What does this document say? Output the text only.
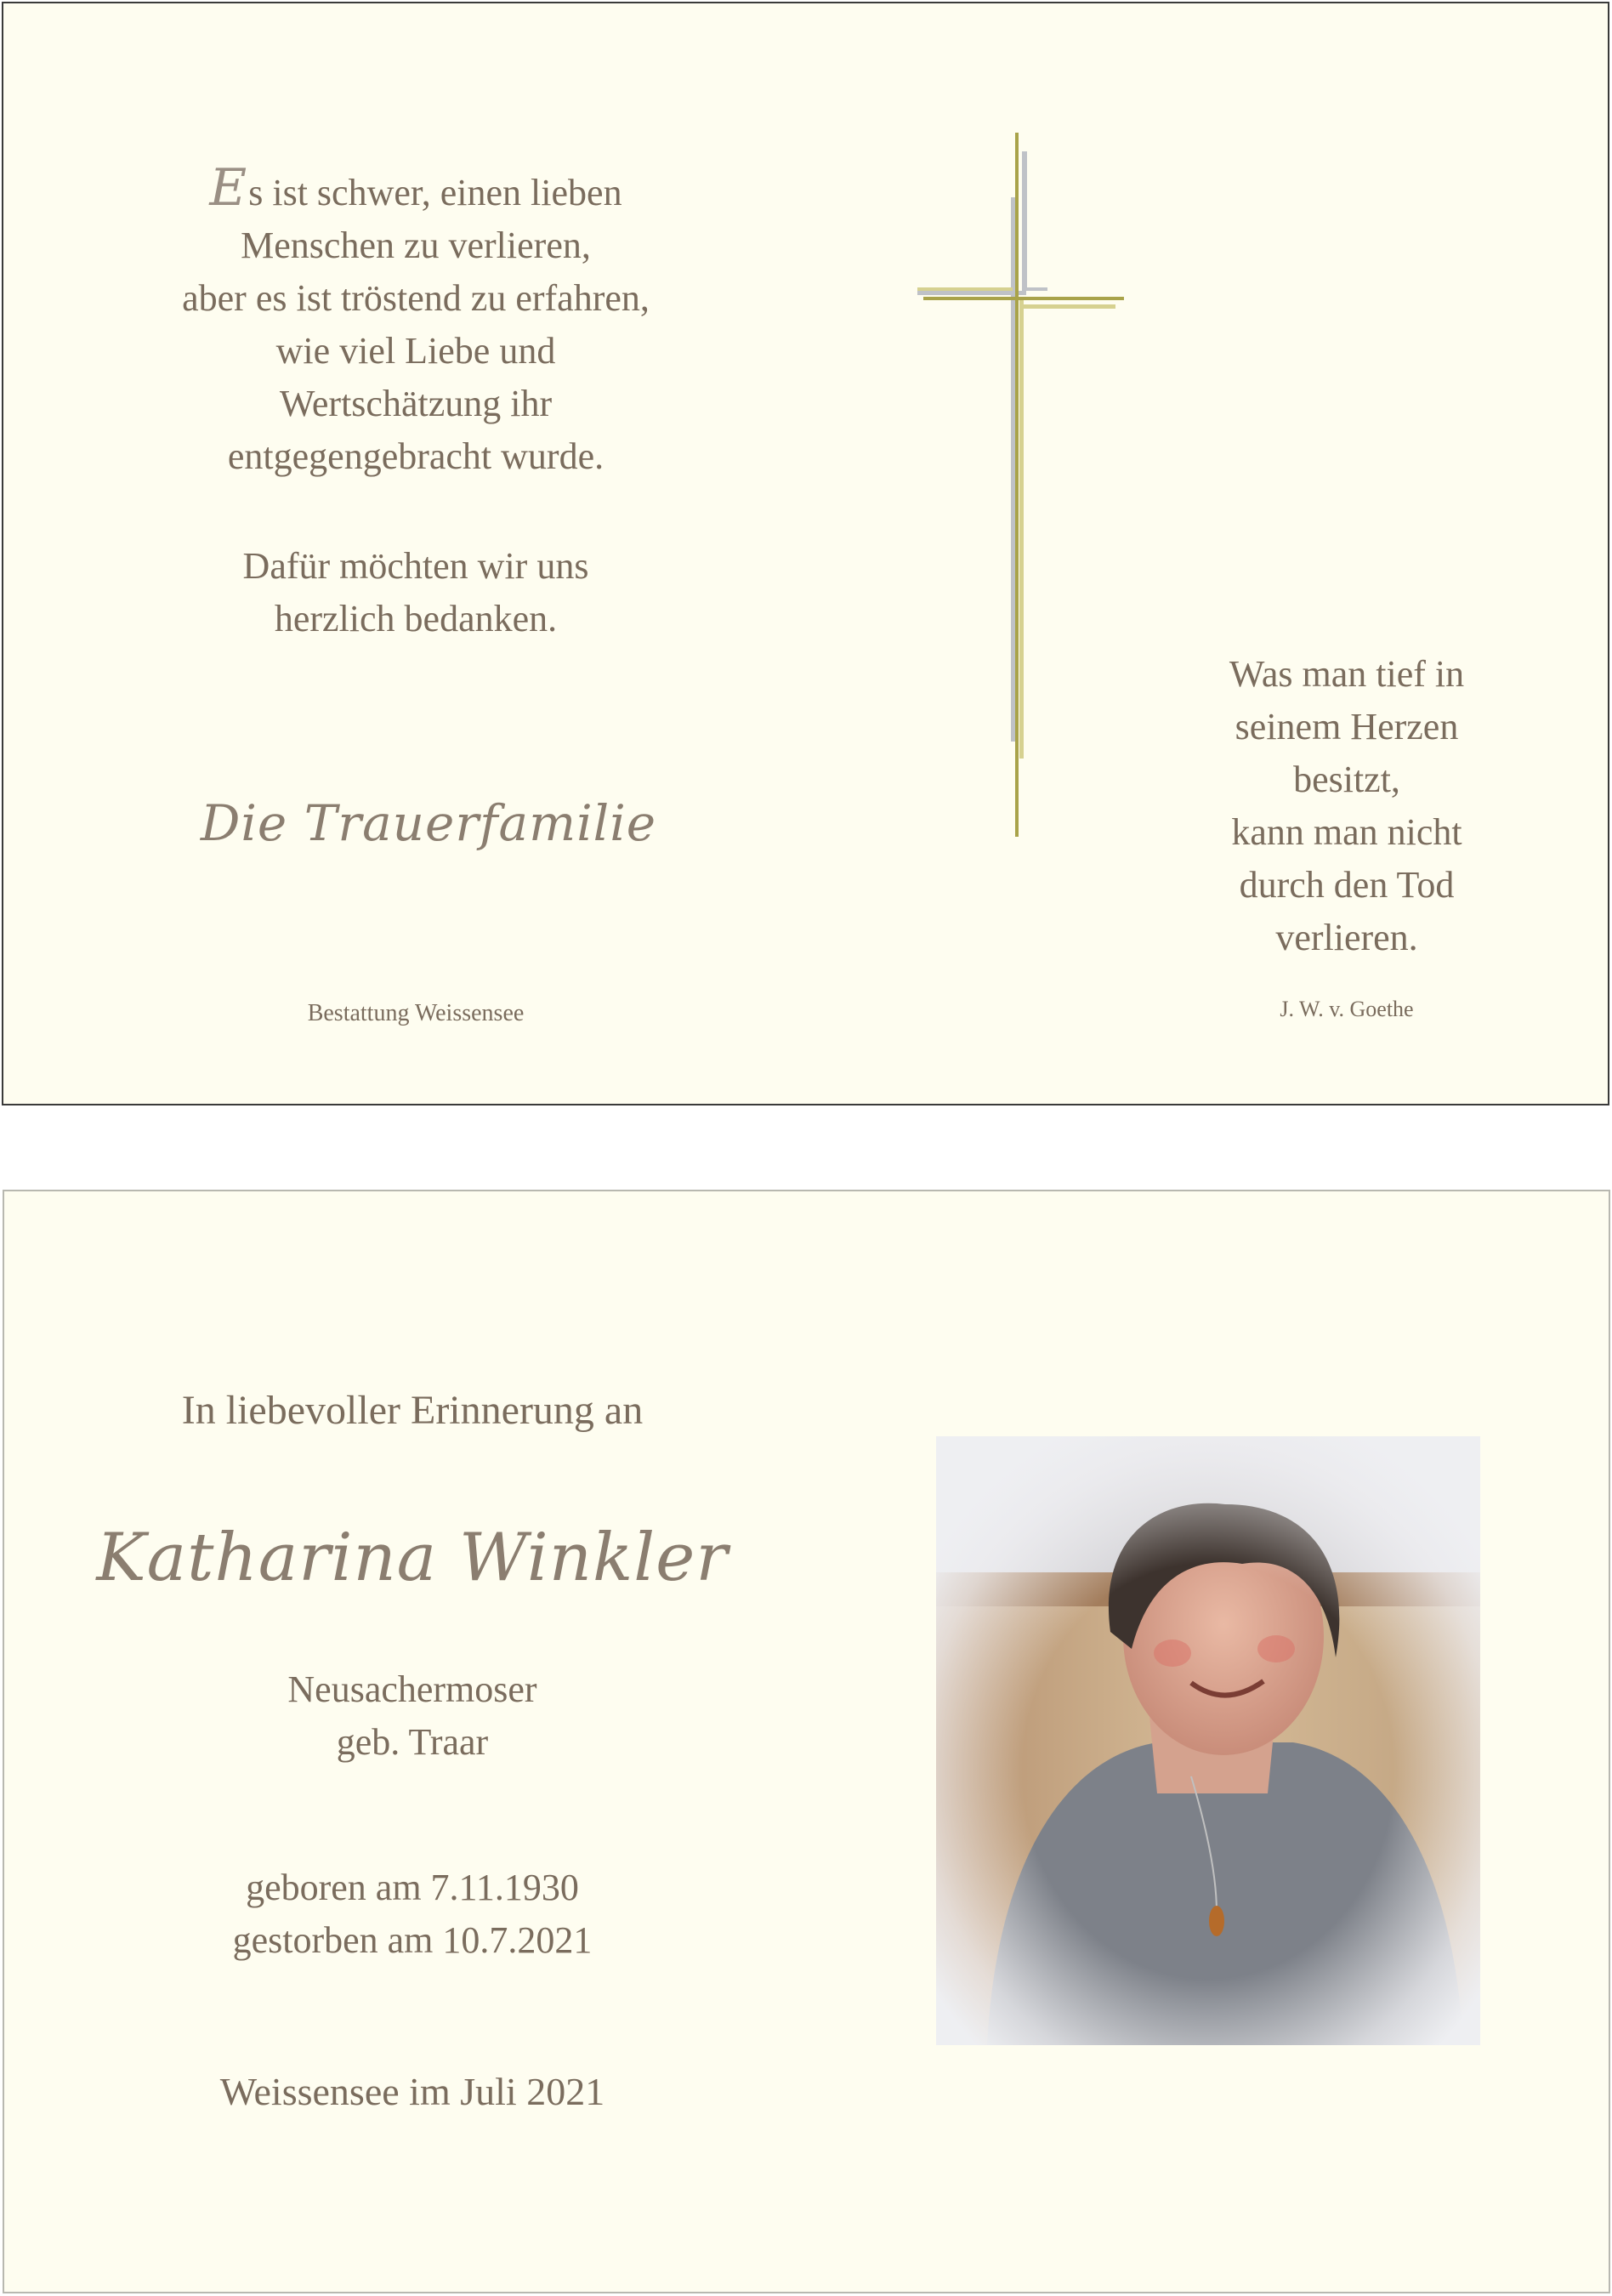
Es ist schwer, einen lieben
Menschen zu verlieren,
aber es ist tröstend zu erfahren,
wie viel Liebe und
Wertschätzung ihr
entgegengebracht wurde.
Dafür möchten wir uns
herzlich bedanken.
Die Trauerfamilie
Bestattung Weissensee
Was man tief in
seinem Herzen
besitzt,
kann man nicht
durch den Tod
verlieren.
J. W. v. Goethe
In liebevoller Erinnerung an
Katharina Winkler
Neusachermoser
geb. Traar
geboren am 7.11.1930
gestorben am 10.7.2021
Weissensee im Juli 2021
